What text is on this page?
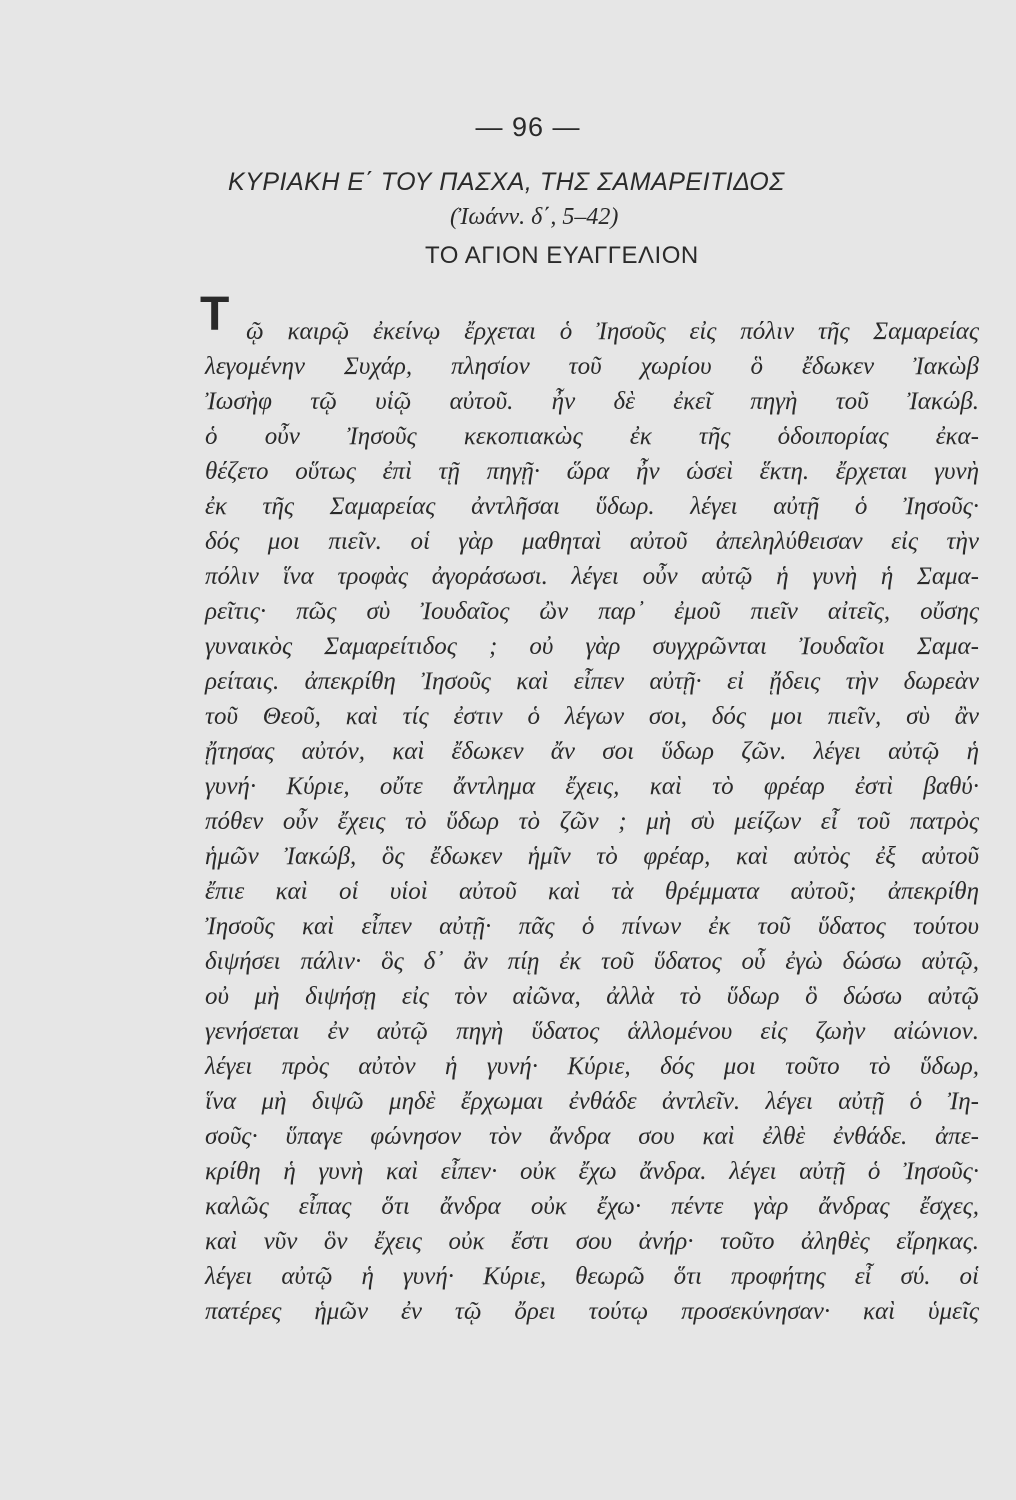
— 96 —
ΚΥΡΙΑΚΗ Ε΄ ΤΟΥ ΠΑΣΧΑ, ΤΗΣ ΣΑΜΑΡΕΙΤΙΔΟΣ
(Ἰωάνν. δ΄, 5–42)
ΤΟ ΑΓΙΟΝ ΕΥΑΓΓΕΛΙΟΝ
Τ ῷ καιρῷ ἐκείνῳ ἔρχεται ὁ Ἰησοῦς εἰς πόλιν τῆς Σαμαρείας
λεγομένην Συχάρ, πλησίον τοῦ χωρίου ὃ ἔδωκεν Ἰακὼβ
Ἰωσὴφ τῷ υἱῷ αὐτοῦ. ἦν δὲ ἐκεῖ πηγὴ τοῦ Ἰακώβ.
ὁ οὖν Ἰησοῦς κεκοπιακὼς ἐκ τῆς ὁδοιπορίας ἐκα-
θέζετο οὕτως ἐπὶ τῇ πηγῇ· ὥρα ἦν ὡσεὶ ἕκτη. ἔρχεται γυνὴ
ἐκ τῆς Σαμαρείας ἀντλῆσαι ὕδωρ. λέγει αὐτῇ ὁ Ἰησοῦς·
δός μοι πιεῖν. οἱ γὰρ μαθηταὶ αὐτοῦ ἀπεληλύθεισαν εἰς τὴν
πόλιν ἵνα τροφὰς ἀγοράσωσι. λέγει οὖν αὐτῷ ἡ γυνὴ ἡ Σαμα-
ρεῖτις· πῶς σὺ Ἰουδαῖος ὢν παρ᾽ ἐμοῦ πιεῖν αἰτεῖς, οὔσης
γυναικὸς Σαμαρείτιδος ; οὐ γὰρ συγχρῶνται Ἰουδαῖοι Σαμα-
ρείταις. ἀπεκρίθη Ἰησοῦς καὶ εἶπεν αὐτῇ· εἰ ᾔδεις τὴν δωρεὰν
τοῦ Θεοῦ, καὶ τίς ἐστιν ὁ λέγων σοι, δός μοι πιεῖν, σὺ ἂν
ᾔτησας αὐτόν, καὶ ἔδωκεν ἄν σοι ὕδωρ ζῶν. λέγει αὐτῷ ἡ
γυνή· Κύριε, οὔτε ἄντλημα ἔχεις, καὶ τὸ φρέαρ ἐστὶ βαθύ·
πόθεν οὖν ἔχεις τὸ ὕδωρ τὸ ζῶν ; μὴ σὺ μείζων εἶ τοῦ πατρὸς
ἡμῶν Ἰακώβ, ὃς ἔδωκεν ἡμῖν τὸ φρέαρ, καὶ αὐτὸς ἐξ αὐτοῦ
ἔπιε καὶ οἱ υἱοὶ αὐτοῦ καὶ τὰ θρέμματα αὐτοῦ; ἀπεκρίθη
Ἰησοῦς καὶ εἶπεν αὐτῇ· πᾶς ὁ πίνων ἐκ τοῦ ὕδατος τούτου
διψήσει πάλιν· ὃς δ᾽ ἂν πίῃ ἐκ τοῦ ὕδατος οὗ ἐγὼ δώσω αὐτῷ,
οὐ μὴ διψήσῃ εἰς τὸν αἰῶνα, ἀλλὰ τὸ ὕδωρ ὃ δώσω αὐτῷ
γενήσεται ἐν αὐτῷ πηγὴ ὕδατος ἁλλομένου εἰς ζωὴν αἰώνιον.
λέγει πρὸς αὐτὸν ἡ γυνή· Κύριε, δός μοι τοῦτο τὸ ὕδωρ,
ἵνα μὴ διψῶ μηδὲ ἔρχωμαι ἐνθάδε ἀντλεῖν. λέγει αὐτῇ ὁ Ἰη-
σοῦς· ὕπαγε φώνησον τὸν ἄνδρα σου καὶ ἐλθὲ ἐνθάδε. ἀπε-
κρίθη ἡ γυνὴ καὶ εἶπεν· οὐκ ἔχω ἄνδρα. λέγει αὐτῇ ὁ Ἰησοῦς·
καλῶς εἶπας ὅτι ἄνδρα οὐκ ἔχω· πέντε γὰρ ἄνδρας ἔσχες,
καὶ νῦν ὃν ἔχεις οὐκ ἔστι σου ἀνήρ· τοῦτο ἀληθὲς εἴρηκας.
λέγει αὐτῷ ἡ γυνή· Κύριε, θεωρῶ ὅτι προφήτης εἶ σύ. οἱ
πατέρες ἡμῶν ἐν τῷ ὄρει τούτῳ προσεκύνησαν· καὶ ὑμεῖς
